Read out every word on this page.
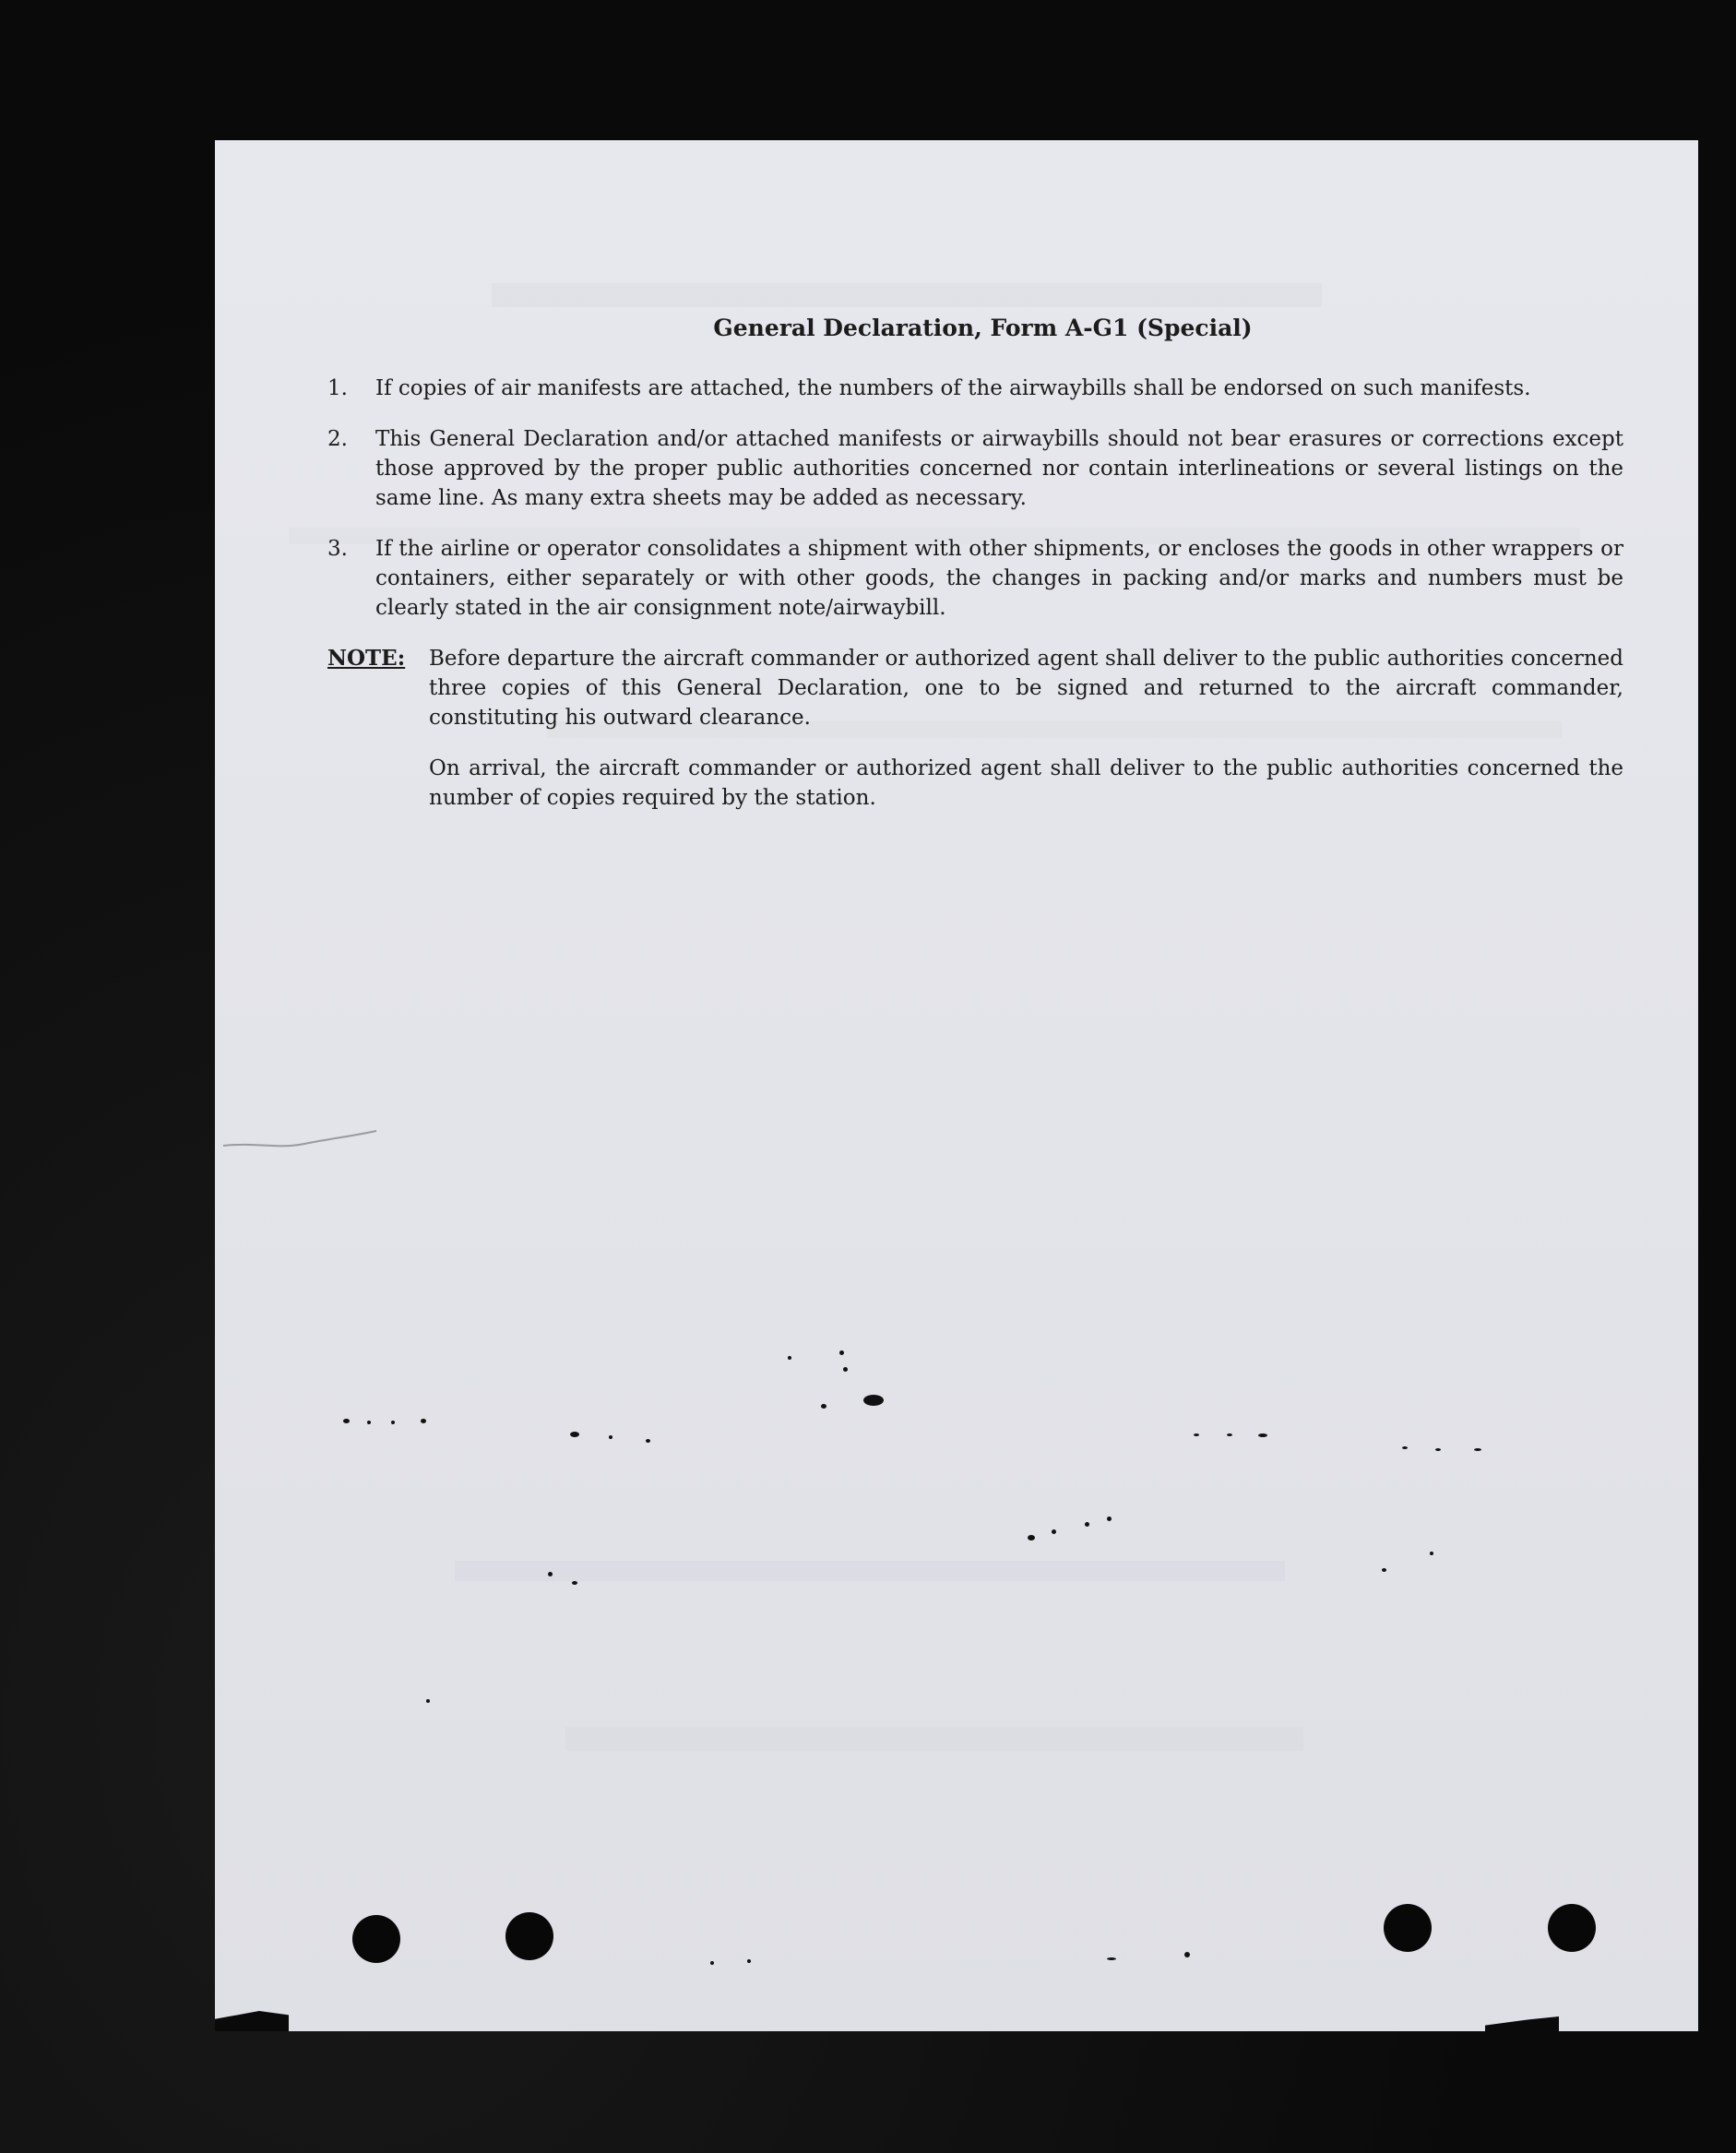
General Declaration, Form A-G1 (Special)
1.	If copies of air manifests are attached, the numbers of the airwaybills shall be endorsed on such manifests.
2.	This General Declaration and/or attached manifests or airwaybills should not bear erasures or corrections except those approved by the proper public authorities concerned nor contain interlineations or several listings on the same line. As many extra sheets may be added as necessary.
3.	If the airline or operator consolidates a shipment with other shipments, or encloses the goods in other wrappers or containers, either separately or with other goods, the changes in packing and/or marks and numbers must be clearly stated in the air consignment note/airwaybill.
NOTE:	Before departure the aircraft commander or authorized agent shall deliver to the public authorities concerned three copies of this General Declaration, one to be signed and returned to the aircraft commander, constituting his outward clearance.

On arrival, the aircraft commander or authorized agent shall deliver to the public authorities concerned the number of copies required by the station.
